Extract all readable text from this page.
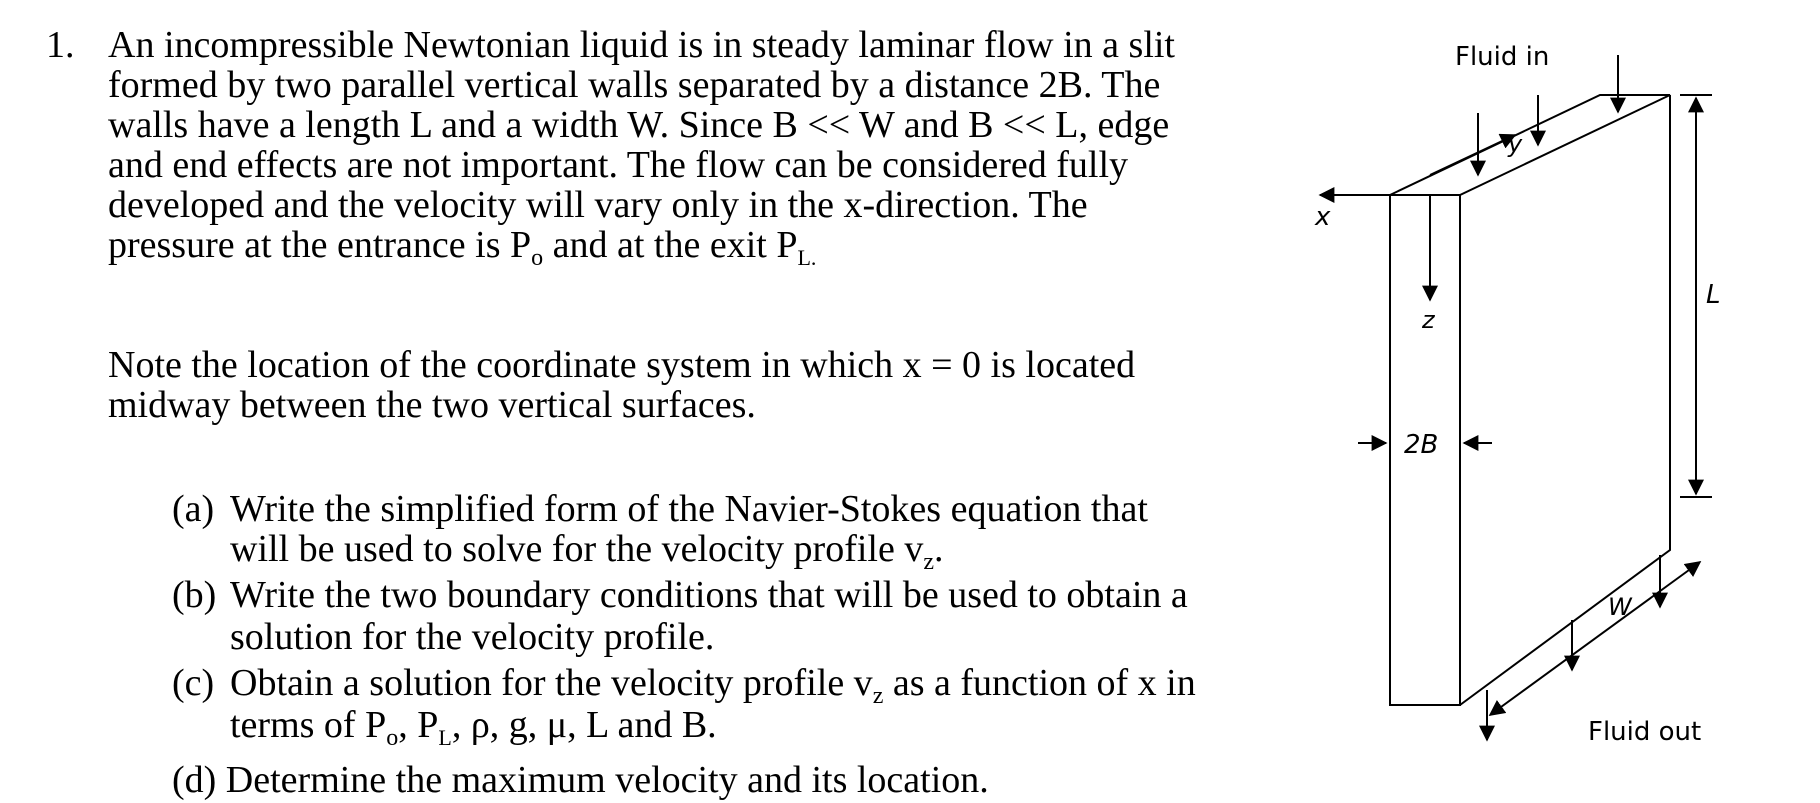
1. An incompressible Newtonian liquid is in steady laminar flow in a slit
formed by two parallel vertical walls separated by a distance 2B. The
walls have a length L and a width W. Since B << W and B << L, edge
and end effects are not important. The flow can be considered fully
developed and the velocity will vary only in the x-direction. The
pressure at the entrance is $P_o$ and at the exit $P_{L.}$
Note the location of the coordinate system in which x = 0 is located
midway between the two vertical surfaces.
(a) Write the simplified form of the Navier-Stokes equation that
will be used to solve for the velocity profile $v_z$.
(b) Write the two boundary conditions that will be used to obtain a
solution for the velocity profile.
(c) Obtain a solution for the velocity profile $v_z$ as a function of x in
terms of $P_o$, $P_L$, ρ, g, μ, L and B.
(d) Determine the maximum velocity and its location.
x
y
z
Fluid in
Fluid out
2B
L
W
